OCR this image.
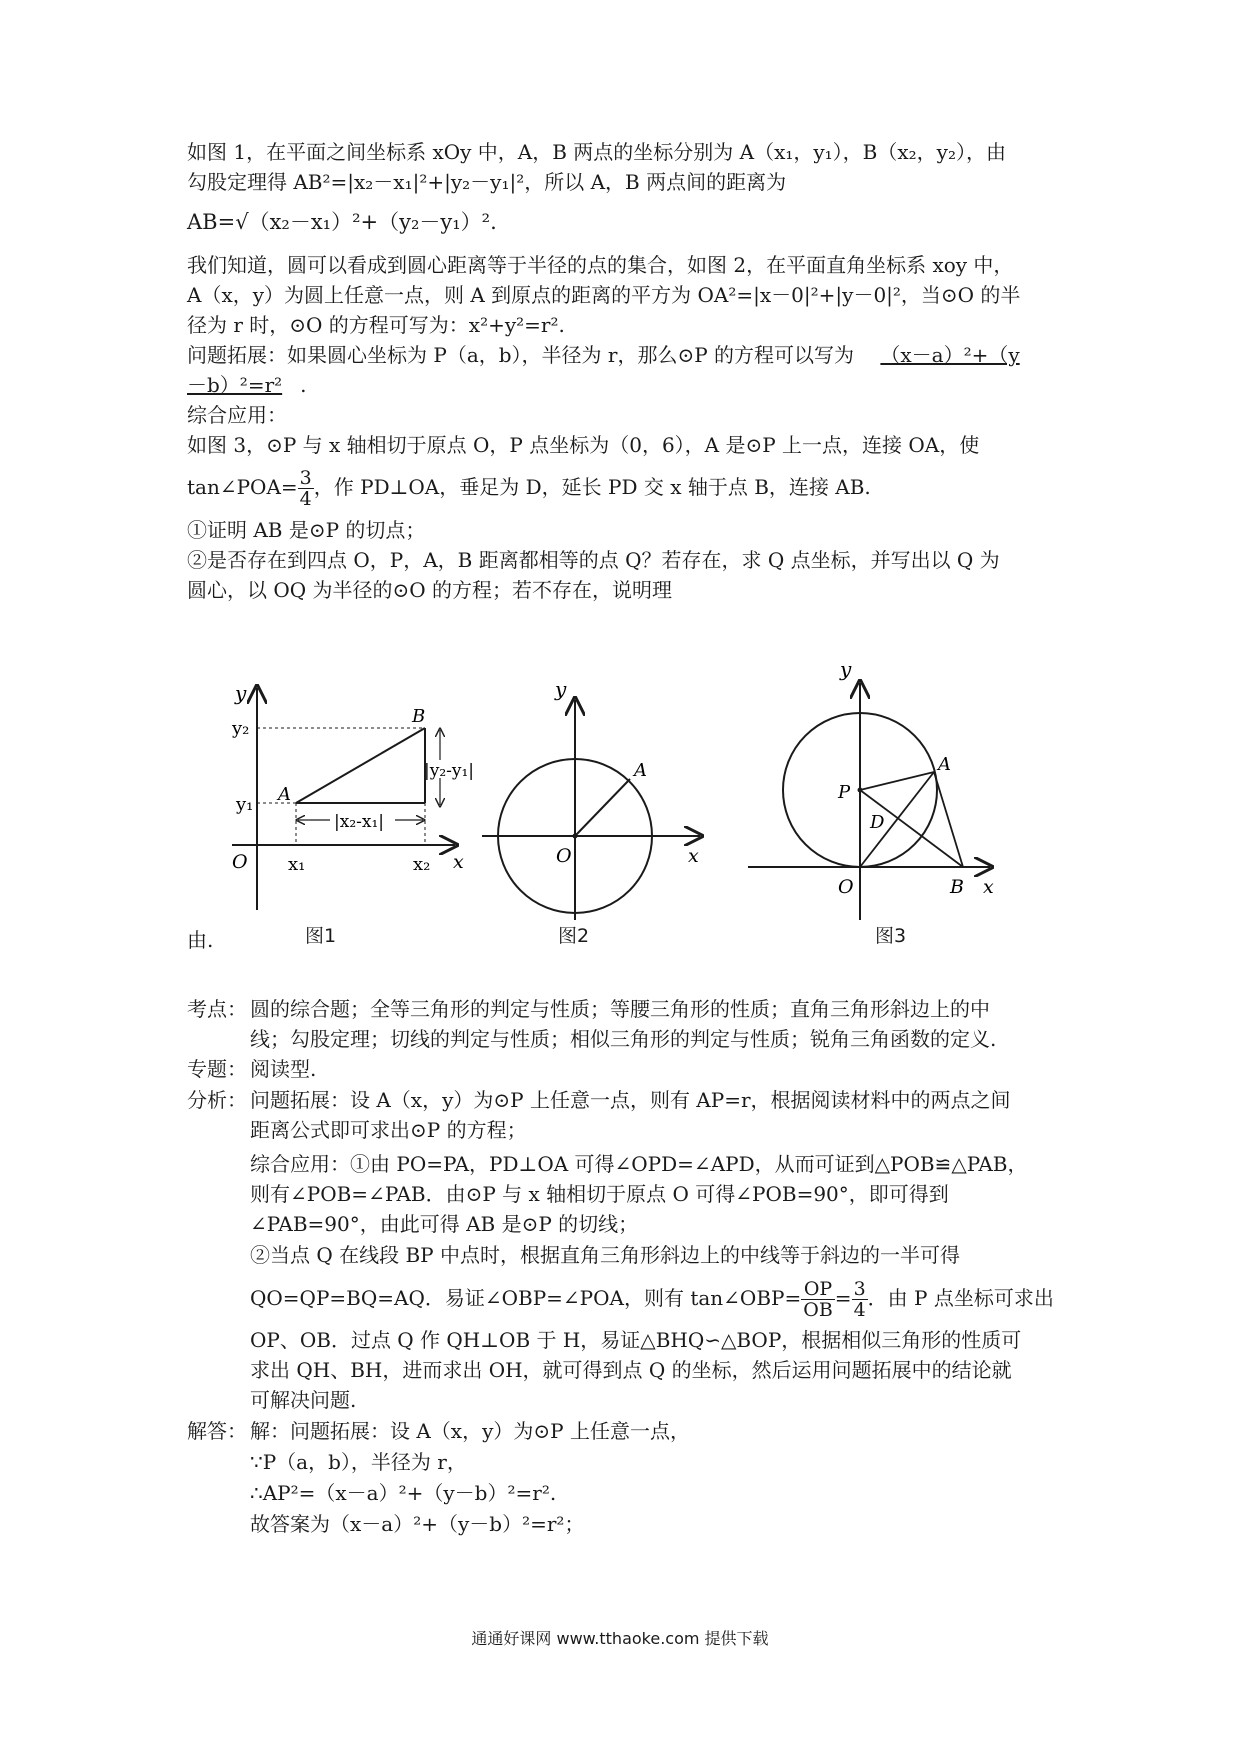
如图 1，在平面之间坐标系 xOy 中，A，B 两点的坐标分别为 A（x₁，y₁），B（x₂，y₂），由
勾股定理得 AB²=|x₂－x₁|²+|y₂－y₁|²，所以 A，B 两点间的距离为
AB=√（x₂－x₁）²+（y₂－y₁）².
我们知道，圆可以看成到圆心距离等于半径的点的集合，如图 2，在平面直角坐标系 xoy 中，
A（x，y）为圆上任意一点，则 A 到原点的距离的平方为 OA²=|x－0|²+|y－0|²，当⊙O 的半
径为 r 时，⊙O 的方程可写为：x²+y²=r².
问题拓展：如果圆心坐标为 P（a，b），半径为 r，那么⊙P 的方程可以写为 （x－a）²+（y
－b）²=r² .
综合应用：
如图 3，⊙P 与 x 轴相切于原点 O，P 点坐标为（0，6），A 是⊙P 上一点，连接 OA，使
tan∠POA= $\frac{3}{4}$ ，作 PD⊥OA，垂足为 D，延长 PD 交 x 轴于点 B，连接 AB.
①证明 AB 是⊙P 的切点；
②是否存在到四点 O，P，A，B 距离都相等的点 Q？若存在，求 Q 点坐标，并写出以 Q 为
圆心，以 OQ 为半径的⊙O 的方程；若不存在，说明理
y
y₂
y₁ A
B
|y₂-y₁|
|x₂-x₁|
O x₁	x₂ x
y
A
O	x
y
P
A
D
O	B x
由.	图1	图2	图3
考点： 圆的综合题；全等三角形的判定与性质；等腰三角形的性质；直角三角形斜边上的中
线；勾股定理；切线的判定与性质；相似三角形的判定与性质；锐角三角函数的定义.
专题： 阅读型.
分析： 问题拓展：设 A（x，y）为⊙P 上任意一点，则有 AP=r，根据阅读材料中的两点之间
距离公式即可求出⊙P 的方程；
综合应用：①由 PO=PA，PD⊥OA 可得∠OPD=∠APD，从而可证到△POB≌△PAB，
则有∠POB=∠PAB．由⊙P 与 x 轴相切于原点 O 可得∠POB=90°，即可得到
∠PAB=90°，由此可得 AB 是⊙P 的切线；
②当点 Q 在线段 BP 中点时，根据直角三角形斜边上的中线等于斜边的一半可得
QO=QP=BQ=AQ．易证∠OBP=∠POA，则有 tan∠OBP= $\frac{OP}{OB} = \frac{3}{4}$ ．由 P 点坐标可求出
OP、OB．过点 Q 作 QH⊥OB 于 H，易证△BHQ∽△BOP，根据相似三角形的性质可
求出 QH、BH，进而求出 OH，就可得到点 Q 的坐标，然后运用问题拓展中的结论就
可解决问题.
解答： 解：问题拓展：设 A（x，y）为⊙P 上任意一点，
∵P（a，b），半径为 r，
∴AP²=（x－a）²+（y－b）²=r².
故答案为（x－a）²+（y－b）²=r²；
通通好课网 www.tthaoke.com 提供下载
